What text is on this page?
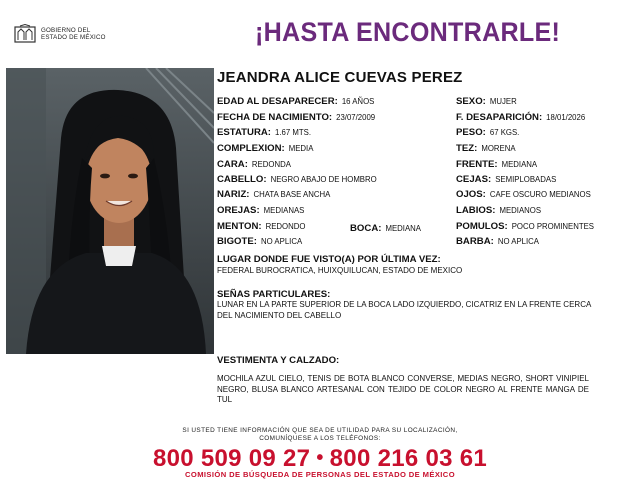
GOBIERNO DEL
ESTADO DE MÉXICO	¡HASTA ENCONTRARLE!
JEANDRA ALICE CUEVAS PEREZ
EDAD AL DESAPARECER: 16 AÑOS
FECHA DE NACIMIENTO: 23/07/2009
ESTATURA: 1.67 MTS.
COMPLEXION: MEDIA
CARA: REDONDA
CABELLO: NEGRO ABAJO DE HOMBRO
NARIZ: CHATA BASE ANCHA
OREJAS: MEDIANAS
MENTON: REDONDO	BOCA: MEDIANA
BIGOTE: NO APLICA
SEXO: MUJER
F. DESAPARICIÓN: 18/01/2026
PESO: 67 KGS.
TEZ: MORENA
FRENTE: MEDIANA
CEJAS: SEMIPLOBADAS
OJOS: CAFE OSCURO MEDIANOS
LABIOS: MEDIANOS
POMULOS: POCO PROMINENTES
BARBA: NO APLICA
LUGAR DONDE FUE VISTO(A) POR ÚLTIMA VEZ:
FEDERAL BUROCRATICA, HUIXQUILUCAN, ESTADO DE MEXICO
SEÑAS PARTICULARES:
LUNAR EN LA PARTE SUPERIOR DE LA BOCA LADO IZQUIERDO, CICATRIZ EN LA FRENTE CERCA DEL NACIMIENTO DEL CABELLO
VESTIMENTA Y CALZADO:
MOCHILA AZUL CIELO, TENIS DE BOTA BLANCO CONVERSE, MEDIAS NEGRO, SHORT VINIPIEL NEGRO, BLUSA BLANCO ARTESANAL CON TEJIDO DE COLOR NEGRO AL FRENTE MANGA DE TUL
SI USTED TIENE INFORMACIÓN QUE SEA DE UTILIDAD PARA SU LOCALIZACIÓN,
COMUNÍQUESE A LOS TELÉFONOS:
800 509 09 27 • 800 216 03 61
COMISIÓN DE BÚSQUEDA DE PERSONAS DEL ESTADO DE MÉXICO
